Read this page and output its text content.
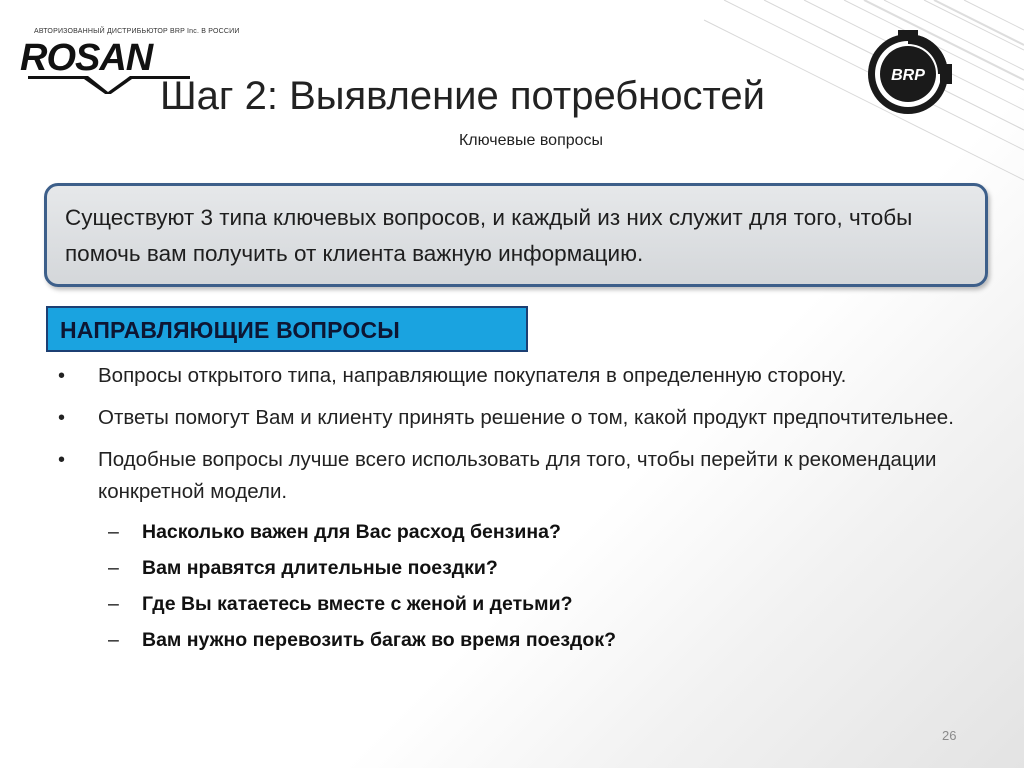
АВТОРИЗОВАННЫЙ ДИСТРИБЬЮТОР BRP Inc. В РОССИИ
ROSAN	BRP
Шаг 2: Выявление потребностей
Ключевые вопросы
Существуют 3 типа ключевых вопросов, и каждый из них служит для того, чтобы помочь вам получить от клиента важную информацию.
НАПРАВЛЯЮЩИЕ ВОПРОСЫ
• Вопросы открытого типа, направляющие покупателя в определенную сторону.
• Ответы помогут Вам и клиенту принять решение о том, какой продукт предпочтительнее.
• Подобные вопросы лучше всего использовать для того, чтобы перейти к рекомендации конкретной модели.
– Насколько важен для Вас расход бензина?
– Вам нравятся длительные поездки?
– Где Вы катаетесь вместе с женой и детьми?
– Вам нужно перевозить багаж во время поездок?
26
